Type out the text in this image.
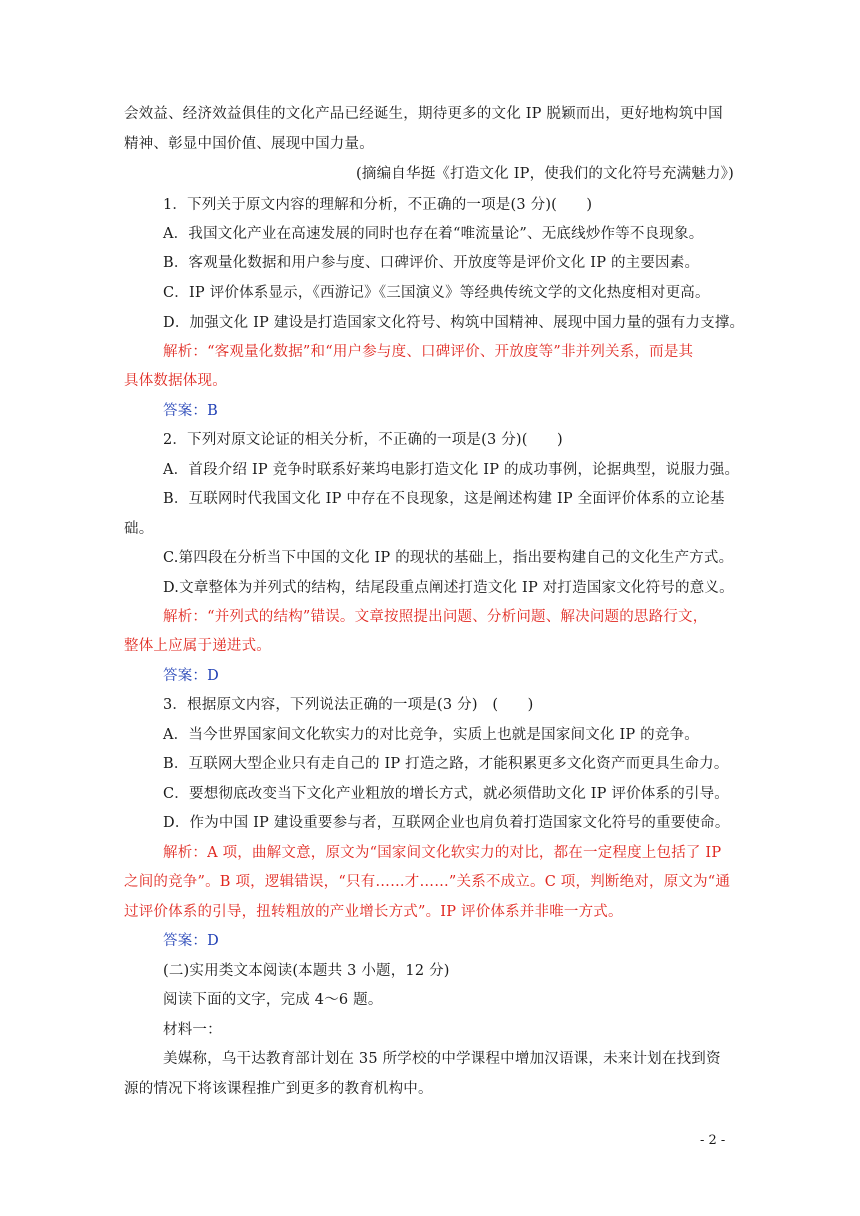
会效益、经济效益俱佳的文化产品已经诞生，期待更多的文化 IP 脱颖而出，更好地构筑中国
精神、彰显中国价值、展现中国力量。
(摘编自华挺《打造文化 IP，使我们的文化符号充满魅力》)
1．下列关于原文内容的理解和分析，不正确的一项是(3 分)(　　)
A．我国文化产业在高速发展的同时也存在着“唯流量论”、无底线炒作等不良现象。
B．客观量化数据和用户参与度、口碑评价、开放度等是评价文化 IP 的主要因素。
C．IP 评价体系显示，《西游记》《三国演义》等经典传统文学的文化热度相对更高。
D．加强文化 IP 建设是打造国家文化符号、构筑中国精神、展现中国力量的强有力支撑。
解析：“客观量化数据”和“用户参与度、口碑评价、开放度等”非并列关系，而是其
具体数据体现。
答案：B
2．下列对原文论证的相关分析，不正确的一项是(3 分)(　　)
A．首段介绍 IP 竞争时联系好莱坞电影打造文化 IP 的成功事例，论据典型，说服力强。
B．互联网时代我国文化 IP 中存在不良现象，这是阐述构建 IP 全面评价体系的立论基
础。
C.第四段在分析当下中国的文化 IP 的现状的基础上，指出要构建自己的文化生产方式。
D.文章整体为并列式的结构，结尾段重点阐述打造文化 IP 对打造国家文化符号的意义。
解析：“并列式的结构”错误。文章按照提出问题、分析问题、解决问题的思路行文，
整体上应属于递进式。
答案：D
3．根据原文内容，下列说法正确的一项是(3 分)　(　　)
A．当今世界国家间文化软实力的对比竞争，实质上也就是国家间文化 IP 的竞争。
B．互联网大型企业只有走自己的 IP 打造之路，才能积累更多文化资产而更具生命力。
C．要想彻底改变当下文化产业粗放的增长方式，就必须借助文化 IP 评价体系的引导。
D．作为中国 IP 建设重要参与者，互联网企业也肩负着打造国家文化符号的重要使命。
解析：A 项，曲解文意，原文为“国家间文化软实力的对比，都在一定程度上包括了 IP
之间的竞争”。B 项，逻辑错误，“只有……才……”关系不成立。C 项，判断绝对，原文为“通
过评价体系的引导，扭转粗放的产业增长方式”。IP 评价体系并非唯一方式。
答案：D
(二)实用类文本阅读(本题共 3 小题，12 分)
阅读下面的文字，完成 4～6 题。
材料一：
美媒称，乌干达教育部计划在 35 所学校的中学课程中增加汉语课，未来计划在找到资
源的情况下将该课程推广到更多的教育机构中。
- 2 -
